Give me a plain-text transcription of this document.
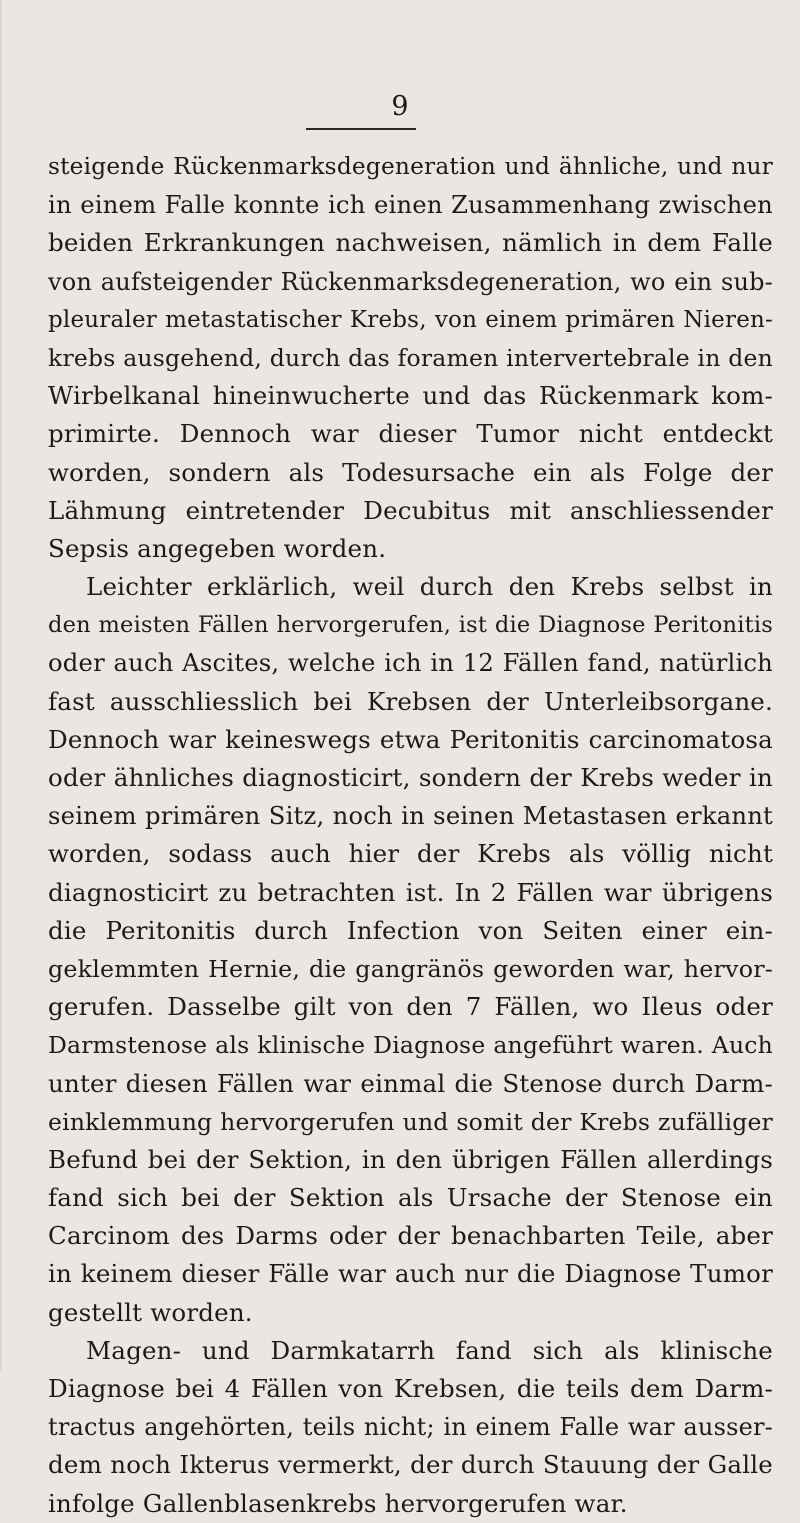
9
steigende Rückenmarksdegeneration und ähnliche, und nur
in einem Falle konnte ich einen Zusammenhang zwischen
beiden Erkrankungen nachweisen, nämlich in dem Falle
von aufsteigender Rückenmarksdegeneration, wo ein sub-
pleuraler metastatischer Krebs, von einem primären Nieren-
krebs ausgehend, durch das foramen intervertebrale in den
Wirbelkanal hineinwucherte und das Rückenmark kom-
primirte. Dennoch war dieser Tumor nicht entdeckt
worden, sondern als Todesursache ein als Folge der
Lähmung eintretender Decubitus mit anschliessender
Sepsis angegeben worden.
Leichter erklärlich, weil durch den Krebs selbst in
den meisten Fällen hervorgerufen, ist die Diagnose Peritonitis
oder auch Ascites, welche ich in 12 Fällen fand, natürlich
fast ausschliesslich bei Krebsen der Unterleibsorgane.
Dennoch war keineswegs etwa Peritonitis carcinomatosa
oder ähnliches diagnosticirt, sondern der Krebs weder in
seinem primären Sitz, noch in seinen Metastasen erkannt
worden, sodass auch hier der Krebs als völlig nicht
diagnosticirt zu betrachten ist. In 2 Fällen war übrigens
die Peritonitis durch Infection von Seiten einer ein-
geklemmten Hernie, die gangränös geworden war, hervor-
gerufen. Dasselbe gilt von den 7 Fällen, wo Ileus oder
Darmstenose als klinische Diagnose angeführt waren. Auch
unter diesen Fällen war einmal die Stenose durch Darm-
einklemmung hervorgerufen und somit der Krebs zufälliger
Befund bei der Sektion, in den übrigen Fällen allerdings
fand sich bei der Sektion als Ursache der Stenose ein
Carcinom des Darms oder der benachbarten Teile, aber
in keinem dieser Fälle war auch nur die Diagnose Tumor
gestellt worden.
Magen- und Darmkatarrh fand sich als klinische
Diagnose bei 4 Fällen von Krebsen, die teils dem Darm-
tractus angehörten, teils nicht; in einem Falle war ausser-
dem noch Ikterus vermerkt, der durch Stauung der Galle
infolge Gallenblasenkrebs hervorgerufen war.
